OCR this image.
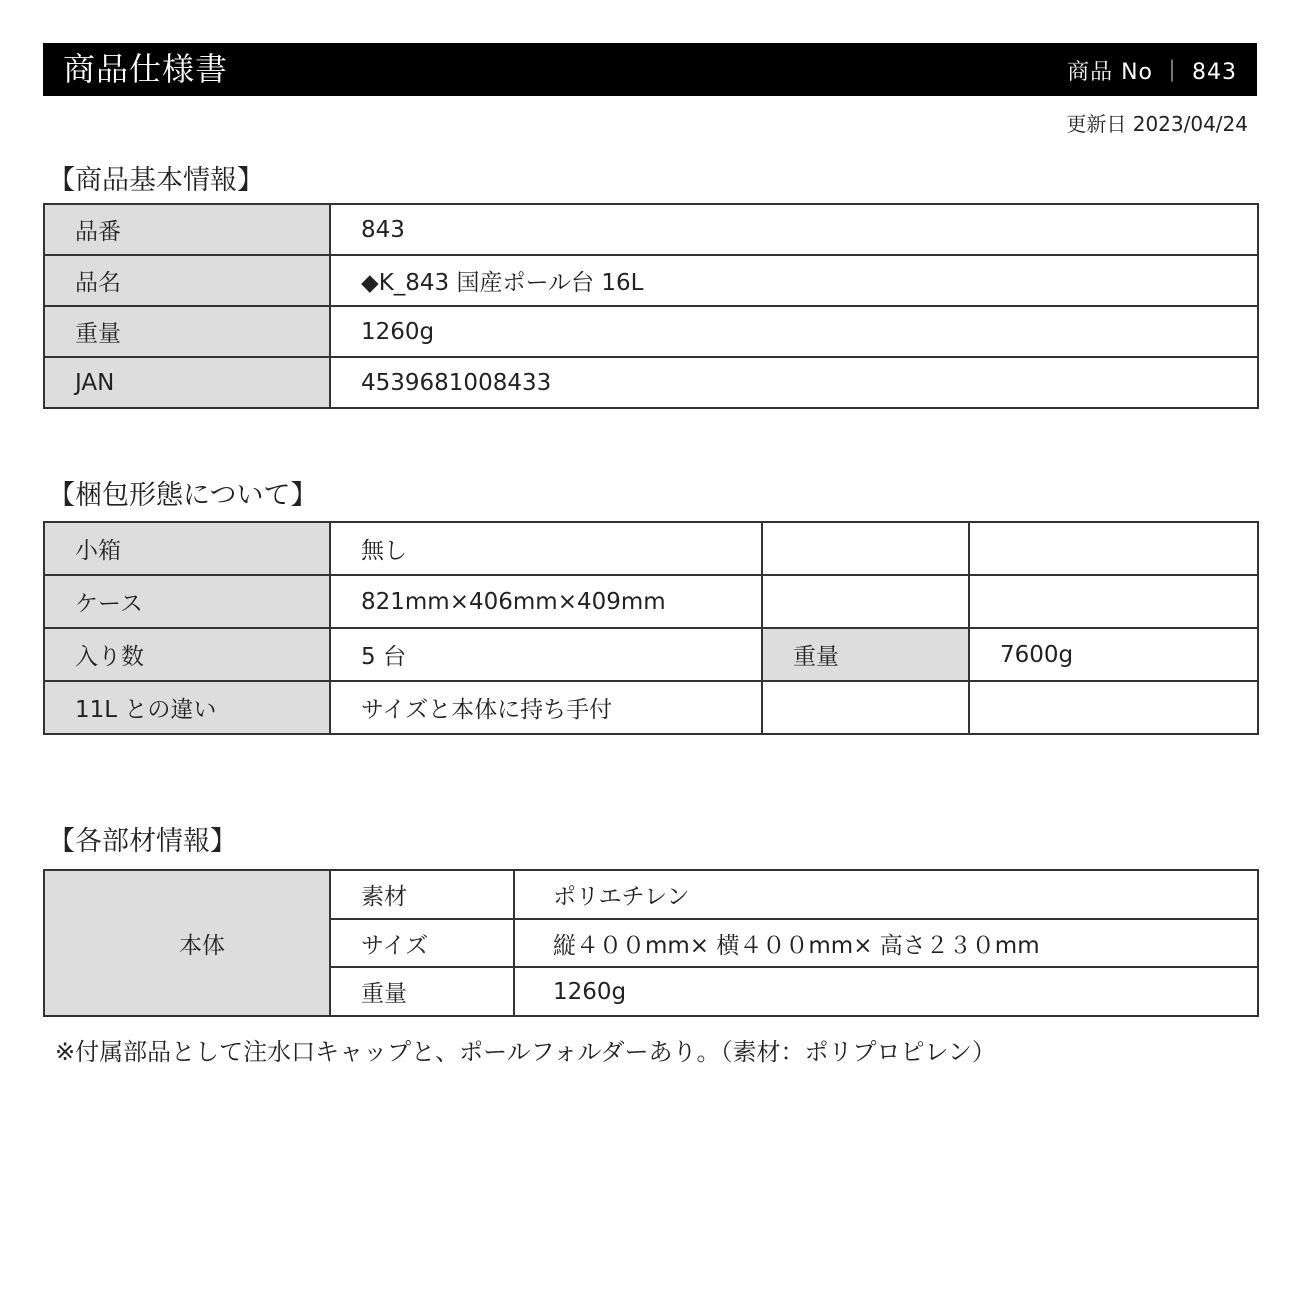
商品仕様書	商品 No ｜ 843
更新日 2023/04/24
【商品基本情報】
品番	843
品名	◆K_843 国産ポール台 16L
重量	1260g
JAN	4539681008433
【梱包形態について】
小箱	無し		
ケース	821mm×406mm×409mm		
入り数	5 台	重量	7600g
11L との違い	サイズと本体に持ち手付		
【各部材情報】
本体	素材	ポリエチレン
	サイズ	縦４００mm× 横４００mm× 高さ２３０mm
	重量	1260g
※付属部品として注水口キャップと、ポールフォルダーあり。（素材：ポリプロピレン）
